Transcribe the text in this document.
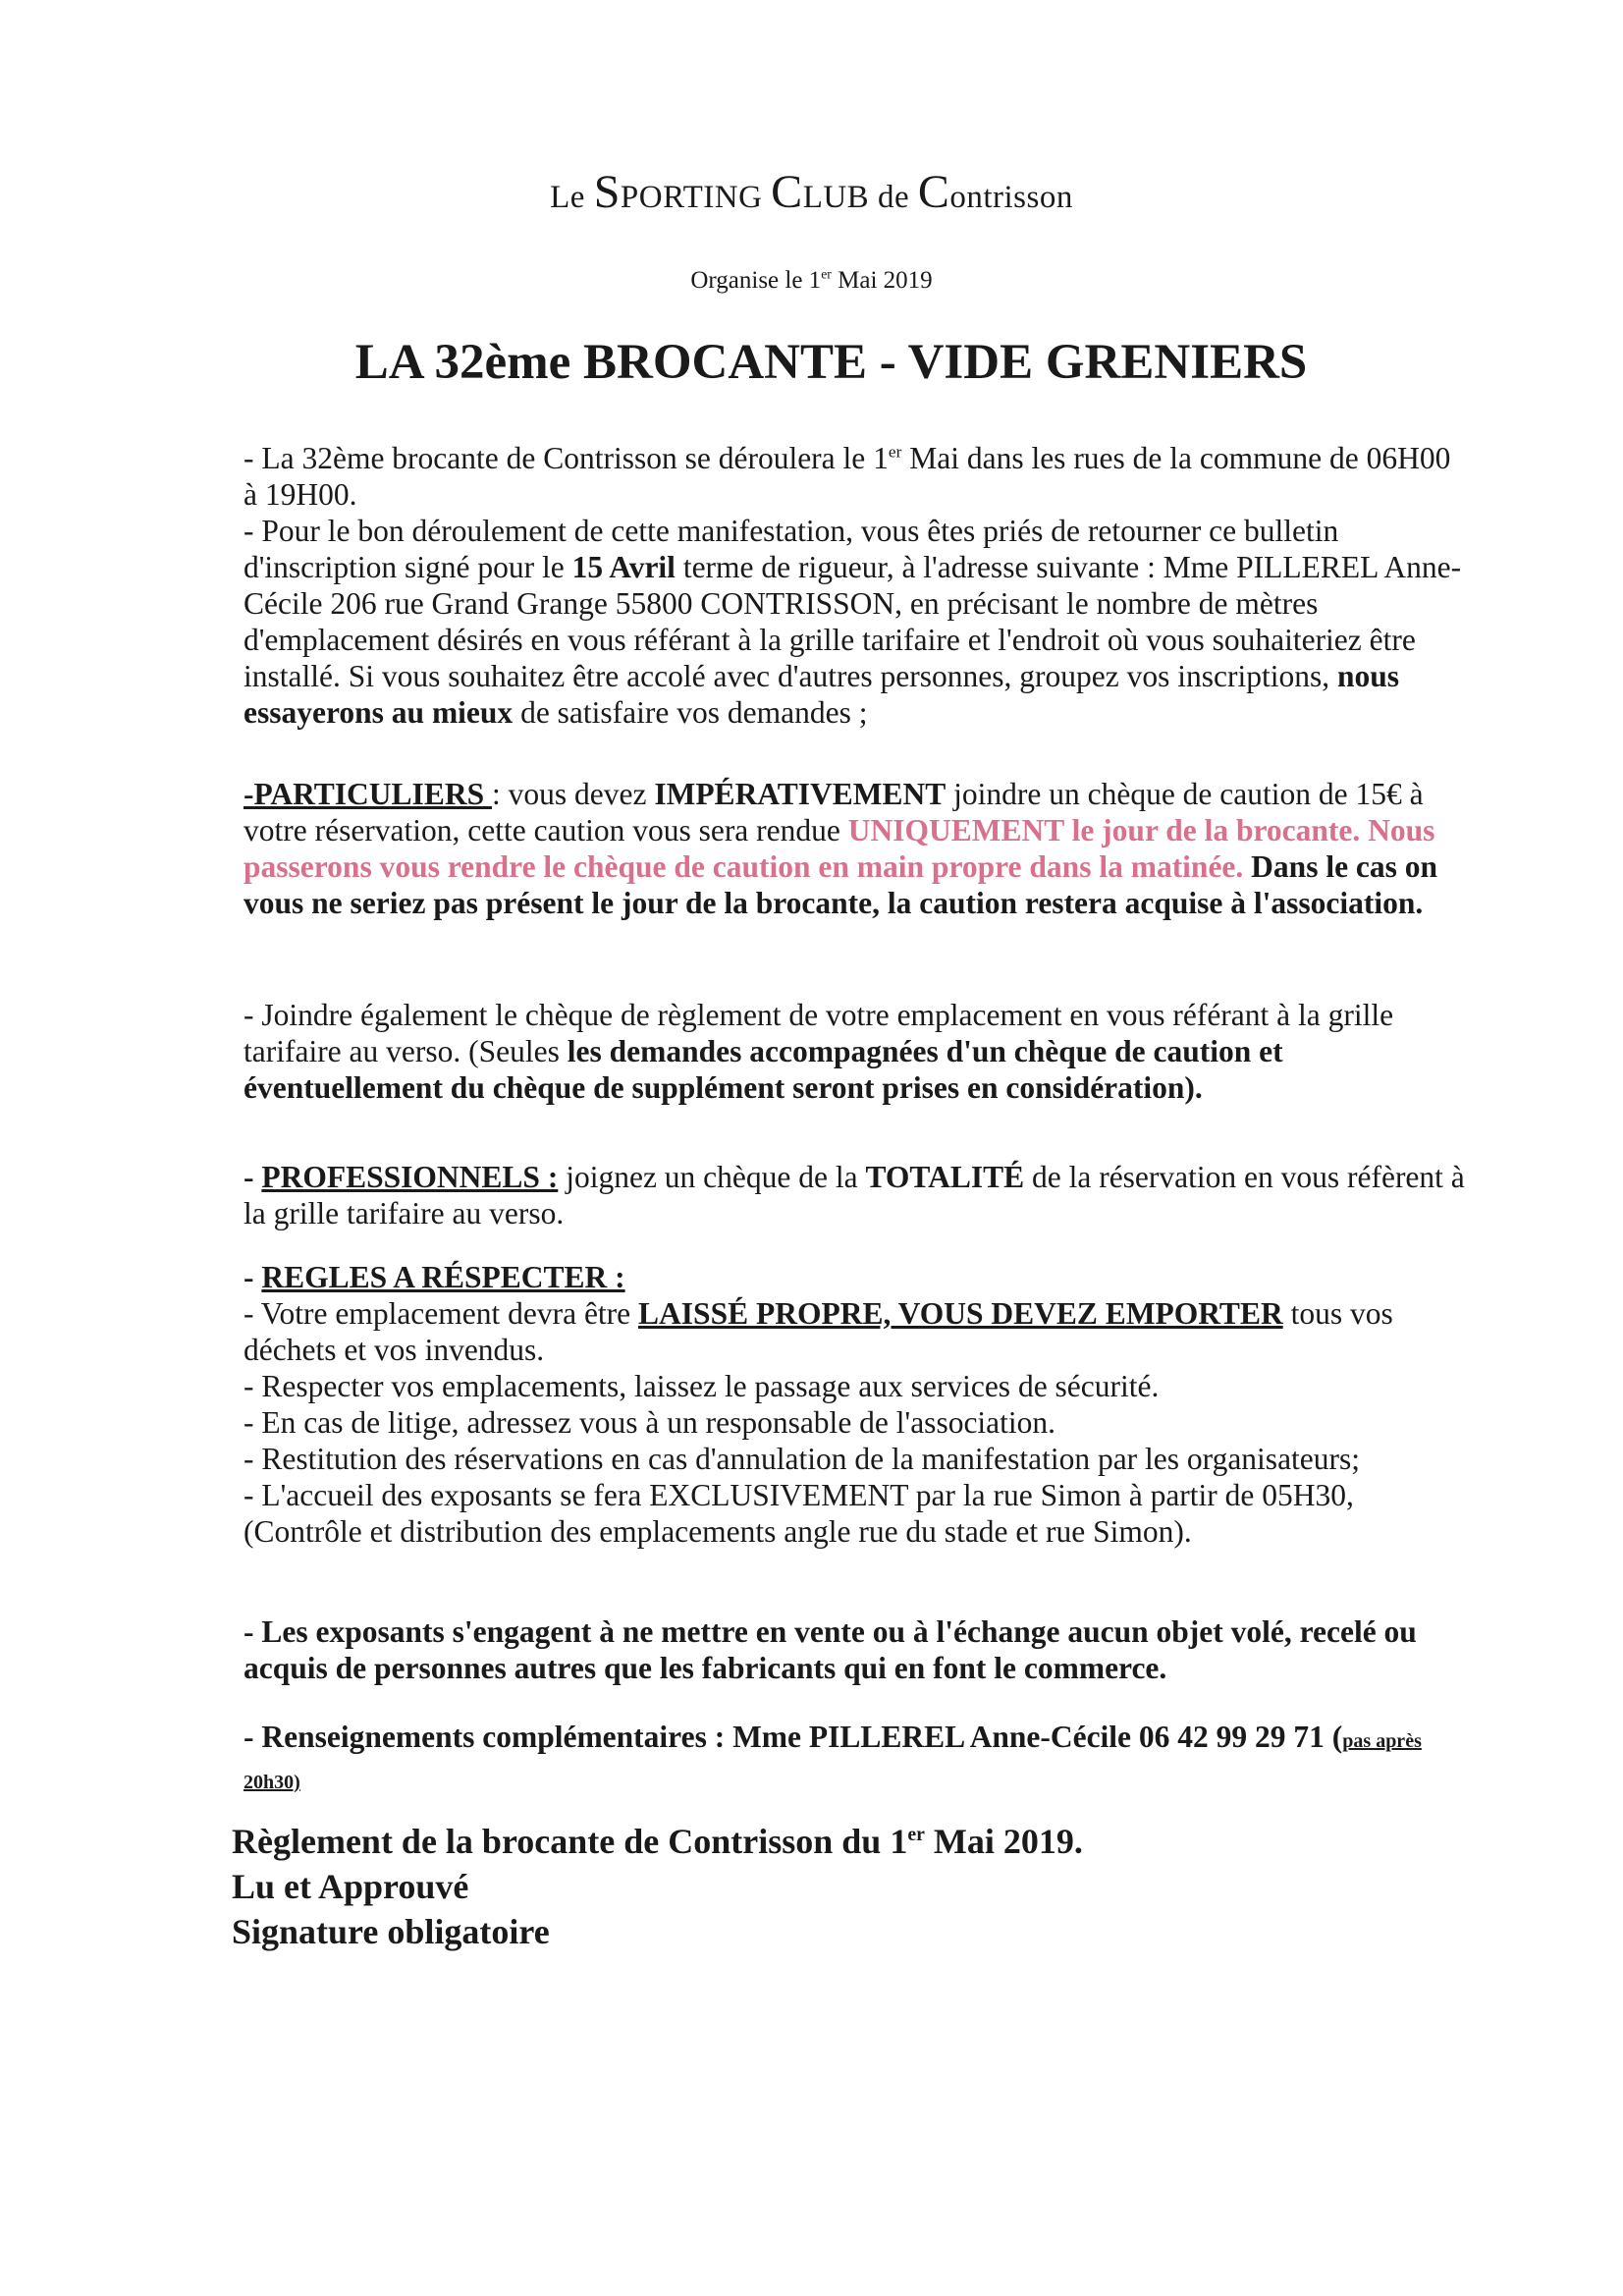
Le SPORTING CLUB de Contrisson
Organise le 1er Mai 2019
LA 32ème BROCANTE - VIDE GRENIERS

- La 32ème brocante de Contrisson se déroulera le 1er Mai dans les rues de la commune de 06H00 à 19H00.

- Pour le bon déroulement de cette manifestation, vous êtes priés de retourner ce bulletin d'inscription signé pour le 15 Avril terme de rigueur, à l'adresse suivante : Mme PILLEREL Anne-Cécile 206 rue Grand Grange 55800 CONTRISSON, en précisant le nombre de mètres d'emplacement désirés en vous référant à la grille tarifaire et l'endroit où vous souhaiteriez être installé. Si vous souhaitez être accolé avec d'autres personnes, groupez vos inscriptions, nous essayerons au mieux de satisfaire vos demandes ;

-PARTICULIERS : vous devez IMPÉRATIVEMENT joindre un chèque de caution de 15€ à votre réservation, cette caution vous sera rendue UNIQUEMENT le jour de la brocante. Nous passerons vous rendre le chèque de caution en main propre dans la matinée. Dans le cas on vous ne seriez pas présent le jour de la brocante, la caution restera acquise à l'association.

- Joindre également le chèque de règlement de votre emplacement en vous référant à la grille tarifaire au verso. (Seules les demandes accompagnées d'un chèque de caution et éventuellement du chèque de supplément seront prises en considération).

- PROFESSIONNELS : joignez un chèque de la TOTALITÉ de la réservation en vous réfèrent à la grille tarifaire au verso.

- REGLES A RÉSPECTER :

- Votre emplacement devra être LAISSÉ PROPRE, VOUS DEVEZ EMPORTER tous vos déchets et vos invendus.

- Respecter vos emplacements, laissez le passage aux services de sécurité.

- En cas de litige, adressez vous à un responsable de l'association.

- Restitution des réservations en cas d'annulation de la manifestation par les organisateurs;

- L'accueil des exposants se fera EXCLUSIVEMENT par la rue Simon à partir de 05H30, (Contrôle et distribution des emplacements angle rue du stade et rue Simon).

- Les exposants s'engagent à ne mettre en vente ou à l'échange aucun objet volé, recelé ou acquis de personnes autres que les fabricants qui en font le commerce.
- Renseignements complémentaires : Mme PILLEREL Anne-Cécile 06 42 99 29 71 (pas après 20h30)

Règlement de la brocante de Contrisson du 1er Mai 2019.

Lu et Approuvé

Signature obligatoire
